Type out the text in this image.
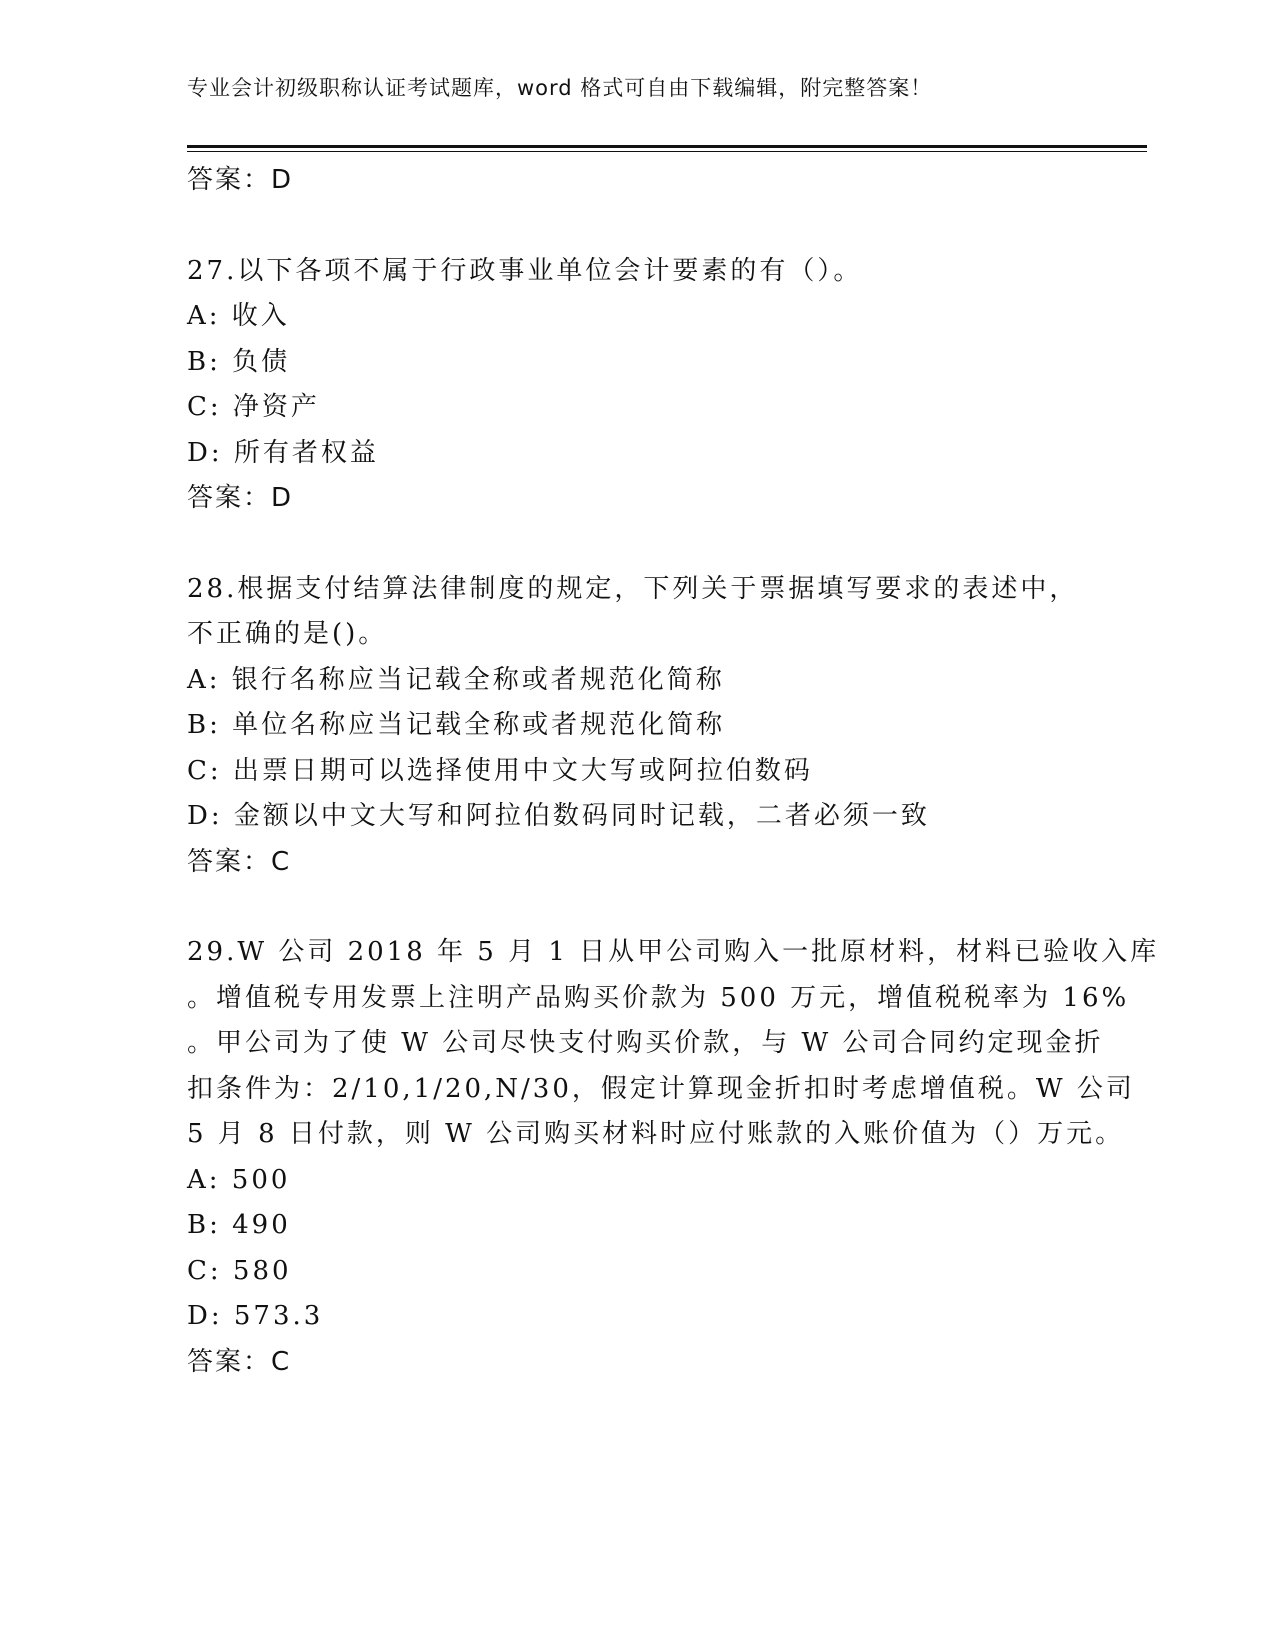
专业会计初级职称认证考试题库，word 格式可自由下载编辑，附完整答案！
答案：D
27.以下各项不属于行政事业单位会计要素的有（）。
A: 收入
B: 负债
C: 净资产
D: 所有者权益
答案：D
28.根据支付结算法律制度的规定，下列关于票据填写要求的表述中，
不正确的是()。
A: 银行名称应当记载全称或者规范化简称
B: 单位名称应当记载全称或者规范化简称
C: 出票日期可以选择使用中文大写或阿拉伯数码
D: 金额以中文大写和阿拉伯数码同时记载，二者必须一致
答案：C
29.W 公司 2018 年 5 月 1 日从甲公司购入一批原材料，材料已验收入库
。增值税专用发票上注明产品购买价款为 500 万元，增值税税率为 16%
。甲公司为了使 W 公司尽快支付购买价款，与 W 公司合同约定现金折
扣条件为：2/10,1/20,N/30，假定计算现金折扣时考虑增值税。W 公司
5 月 8 日付款，则 W 公司购买材料时应付账款的入账价值为（）万元。
A: 500
B: 490
C: 580
D: 573.3
答案：C
